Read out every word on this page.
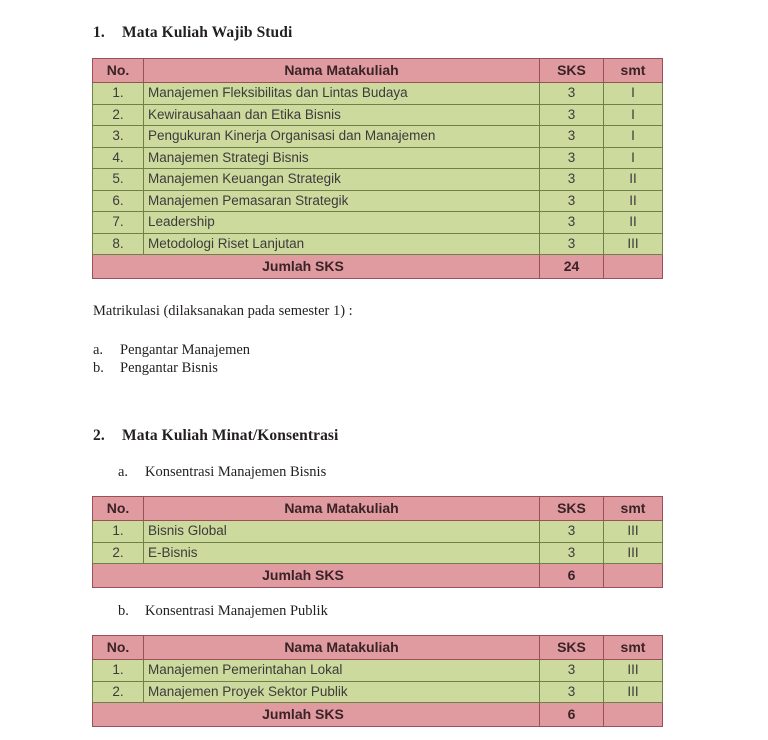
1.	Mata Kuliah Wajib Studi
No.	Nama Matakuliah	SKS	smt
1.	Manajemen Fleksibilitas dan Lintas Budaya	3	I
2.	Kewirausahaan dan Etika Bisnis	3	I
3.	Pengukuran Kinerja Organisasi dan Manajemen	3	I
4.	Manajemen Strategi Bisnis	3	I
5.	Manajemen Keuangan Strategik	3	II
6.	Manajemen Pemasaran Strategik	3	II
7.	Leadership	3	II
8.	Metodologi Riset Lanjutan	3	III
Jumlah SKS		24	
Matrikulasi (dilaksanakan pada semester 1) :
a.	Pengantar Manajemen
b.	Pengantar Bisnis
2.	Mata Kuliah Minat/Konsentrasi
a.	Konsentrasi Manajemen Bisnis
No.	Nama Matakuliah	SKS	smt
1.	Bisnis Global	3	III
2.	E-Bisnis	3	III
Jumlah SKS		6	
b.	Konsentrasi Manajemen Publik
No.	Nama Matakuliah	SKS	smt
1.	Manajemen Pemerintahan Lokal	3	III
2.	Manajemen Proyek Sektor Publik	3	III
Jumlah SKS		6	
